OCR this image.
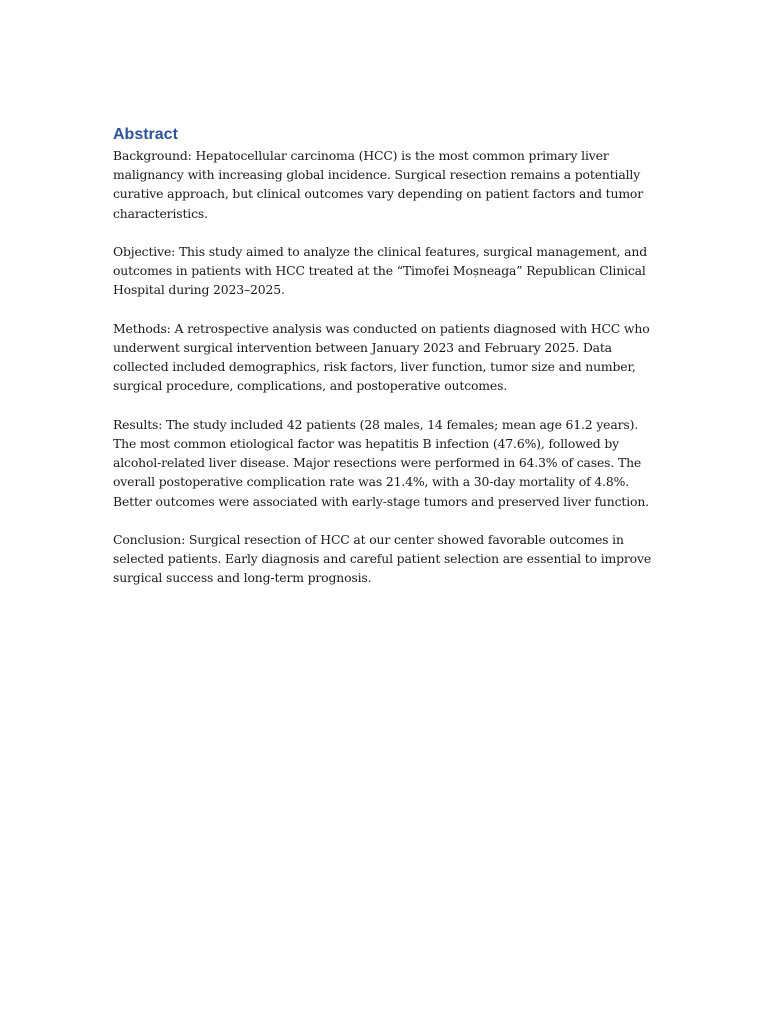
Abstract

Background: Hepatocellular carcinoma (HCC) is the most common primary liver malignancy with increasing global incidence. Surgical resection remains a potentially curative approach, but clinical outcomes vary depending on patient factors and tumor characteristics.

Objective: This study aimed to analyze the clinical features, surgical management, and outcomes in patients with HCC treated at the “Timofei Moșneaga” Republican Clinical Hospital during 2023–2025.

Methods: A retrospective analysis was conducted on patients diagnosed with HCC who underwent surgical intervention between January 2023 and February 2025. Data collected included demographics, risk factors, liver function, tumor size and number, surgical procedure, complications, and postoperative outcomes.

Results: The study included 42 patients (28 males, 14 females; mean age 61.2 years). The most common etiological factor was hepatitis B infection (47.6%), followed by alcohol-related liver disease. Major resections were performed in 64.3% of cases. The overall postoperative complication rate was 21.4%, with a 30-day mortality of 4.8%. Better outcomes were associated with early-stage tumors and preserved liver function.

Conclusion: Surgical resection of HCC at our center showed favorable outcomes in selected patients. Early diagnosis and careful patient selection are essential to improve surgical success and long-term prognosis.
